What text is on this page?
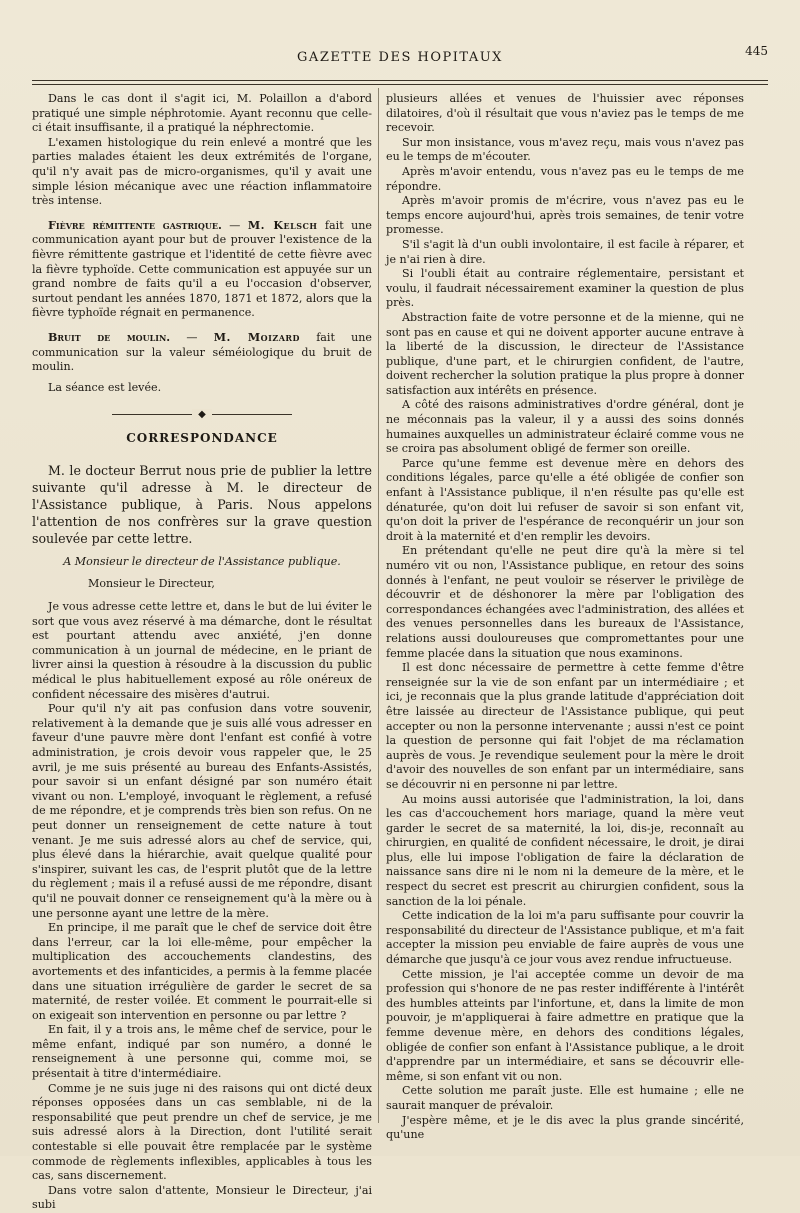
GAZETTE DES HOPITAUX	445

Dans le cas dont il s'agit ici, M. Polaillon a d'abord pratiqué une simple néphrotomie. Ayant reconnu que celle-ci était insuffisante, il a pratiqué la néphrectomie.

L'examen histologique du rein enlevé a montré que les parties malades étaient les deux extrémités de l'organe, qu'il n'y avait pas de micro-organismes, qu'il y avait une simple lésion mécanique avec une réaction inflammatoire très intense.

Fièvre rémittente gastrique. — M. Kelsch fait une communication ayant pour but de prouver l'existence de la fièvre rémittente gastrique et l'identité de cette fièvre avec la fièvre typhoïde. Cette communication est appuyée sur un grand nombre de faits qu'il a eu l'occasion d'observer, surtout pendant les années 1870, 1871 et 1872, alors que la fièvre typhoïde régnait en permanence.

Bruit de moulin. — M. Moizard fait une communication sur la valeur séméiologique du bruit de moulin.

La séance est levée.

◆
CORRESPONDANCE

M. le docteur Berrut nous prie de publier la lettre suivante qu'il adresse à M. le directeur de l'Assistance publique, à Paris. Nous appelons l'attention de nos confrères sur la grave question soulevée par cette lettre.

A Monsieur le directeur de l'Assistance publique.
Monsieur le Directeur,

Je vous adresse cette lettre et, dans le but de lui éviter le sort que vous avez réservé à ma démarche, dont le résultat est pourtant attendu avec anxiété, j'en donne communication à un journal de médecine, en le priant de livrer ainsi la question à résoudre à la discussion du public médical le plus habituellement exposé au rôle onéreux de confident nécessaire des misères d'autrui.

Pour qu'il n'y ait pas confusion dans votre souvenir, relativement à la demande que je suis allé vous adresser en faveur d'une pauvre mère dont l'enfant est confié à votre administration, je crois devoir vous rappeler que, le 25 avril, je me suis présenté au bureau des Enfants-Assistés, pour savoir si un enfant désigné par son numéro était vivant ou non. L'employé, invoquant le règlement, a refusé de me répondre, et je comprends très bien son refus. On ne peut donner un renseignement de cette nature à tout venant. Je me suis adressé alors au chef de service, qui, plus élevé dans la hiérarchie, avait quelque qualité pour s'inspirer, suivant les cas, de l'esprit plutôt que de la lettre du règlement ; mais il a refusé aussi de me répondre, disant qu'il ne pouvait donner ce renseignement qu'à la mère ou à une personne ayant une lettre de la mère.

En principe, il me paraît que le chef de service doit être dans l'erreur, car la loi elle-même, pour empêcher la multiplication des accouchements clandestins, des avortements et des infanticides, a permis à la femme placée dans une situation irrégulière de garder le secret de sa maternité, de rester voilée. Et comment le pourrait-elle si on exigeait son intervention en personne ou par lettre ?

En fait, il y a trois ans, le même chef de service, pour le même enfant, indiqué par son numéro, a donné le renseignement à une personne qui, comme moi, se présentait à titre d'intermédiaire.

Comme je ne suis juge ni des raisons qui ont dicté deux réponses opposées dans un cas semblable, ni de la responsabilité que peut prendre un chef de service, je me suis adressé alors à la Direction, dont l'utilité serait contestable si elle pouvait être remplacée par le système commode de règlements inflexibles, applicables à tous les cas, sans discernement.

Dans votre salon d'attente, Monsieur le Directeur, j'ai subi

plusieurs allées et venues de l'huissier avec réponses dilatoires, d'où il résultait que vous n'aviez pas le temps de me recevoir.

Sur mon insistance, vous m'avez reçu, mais vous n'avez pas eu le temps de m'écouter.

Après m'avoir entendu, vous n'avez pas eu le temps de me répondre.

Après m'avoir promis de m'écrire, vous n'avez pas eu le temps encore aujourd'hui, après trois semaines, de tenir votre promesse.

S'il s'agit là d'un oubli involontaire, il est facile à réparer, et je n'ai rien à dire.

Si l'oubli était au contraire réglementaire, persistant et voulu, il faudrait nécessairement examiner la question de plus près.

Abstraction faite de votre personne et de la mienne, qui ne sont pas en cause et qui ne doivent apporter aucune entrave à la liberté de la discussion, le directeur de l'Assistance publique, d'une part, et le chirurgien confident, de l'autre, doivent rechercher la solution pratique la plus propre à donner satisfaction aux intérêts en présence.

A côté des raisons administratives d'ordre général, dont je ne méconnais pas la valeur, il y a aussi des soins donnés humaines auxquelles un administrateur éclairé comme vous ne se croira pas absolument obligé de fermer son oreille.

Parce qu'une femme est devenue mère en dehors des conditions légales, parce qu'elle a été obligée de confier son enfant à l'Assistance publique, il n'en résulte pas qu'elle est dénaturée, qu'on doit lui refuser de savoir si son enfant vit, qu'on doit la priver de l'espérance de reconquérir un jour son droit à la maternité et d'en remplir les devoirs.

En prétendant qu'elle ne peut dire qu'à la mère si tel numéro vit ou non, l'Assistance publique, en retour des soins donnés à l'enfant, ne peut vouloir se réserver le privilège de découvrir et de déshonorer la mère par l'obligation des correspondances échangées avec l'administration, des allées et des venues personnelles dans les bureaux de l'Assistance, relations aussi douloureuses que compromettantes pour une femme placée dans la situation que nous examinons.

Il est donc nécessaire de permettre à cette femme d'être renseignée sur la vie de son enfant par un intermédiaire ; et ici, je reconnais que la plus grande latitude d'appréciation doit être laissée au directeur de l'Assistance publique, qui peut accepter ou non la personne intervenante ; aussi n'est ce point la question de personne qui fait l'objet de ma réclamation auprès de vous. Je revendique seulement pour la mère le droit d'avoir des nouvelles de son enfant par un intermédiaire, sans se découvrir ni en personne ni par lettre.

Au moins aussi autorisée que l'administration, la loi, dans les cas d'accouchement hors mariage, quand la mère veut garder le secret de sa maternité, la loi, dis-je, reconnaît au chirurgien, en qualité de confident nécessaire, le droit, je dirai plus, elle lui impose l'obligation de faire la déclaration de naissance sans dire ni le nom ni la demeure de la mère, et le respect du secret est prescrit au chirurgien confident, sous la sanction de la loi pénale.

Cette indication de la loi m'a paru suffisante pour couvrir la responsabilité du directeur de l'Assistance publique, et m'a fait accepter la mission peu enviable de faire auprès de vous une démarche que jusqu'à ce jour vous avez rendue infructueuse.

Cette mission, je l'ai acceptée comme un devoir de ma profession qui s'honore de ne pas rester indifférente à l'intérêt des humbles atteints par l'infortune, et, dans la limite de mon pouvoir, je m'appliquerai à faire admettre en pratique que la femme devenue mère, en dehors des conditions légales, obligée de confier son enfant à l'Assistance publique, a le droit d'apprendre par un intermédiaire, et sans se découvrir elle-même, si son enfant vit ou non.

Cette solution me paraît juste. Elle est humaine ; elle ne saurait manquer de prévaloir.

J'espère même, et je le dis avec la plus grande sincérité, qu'une
